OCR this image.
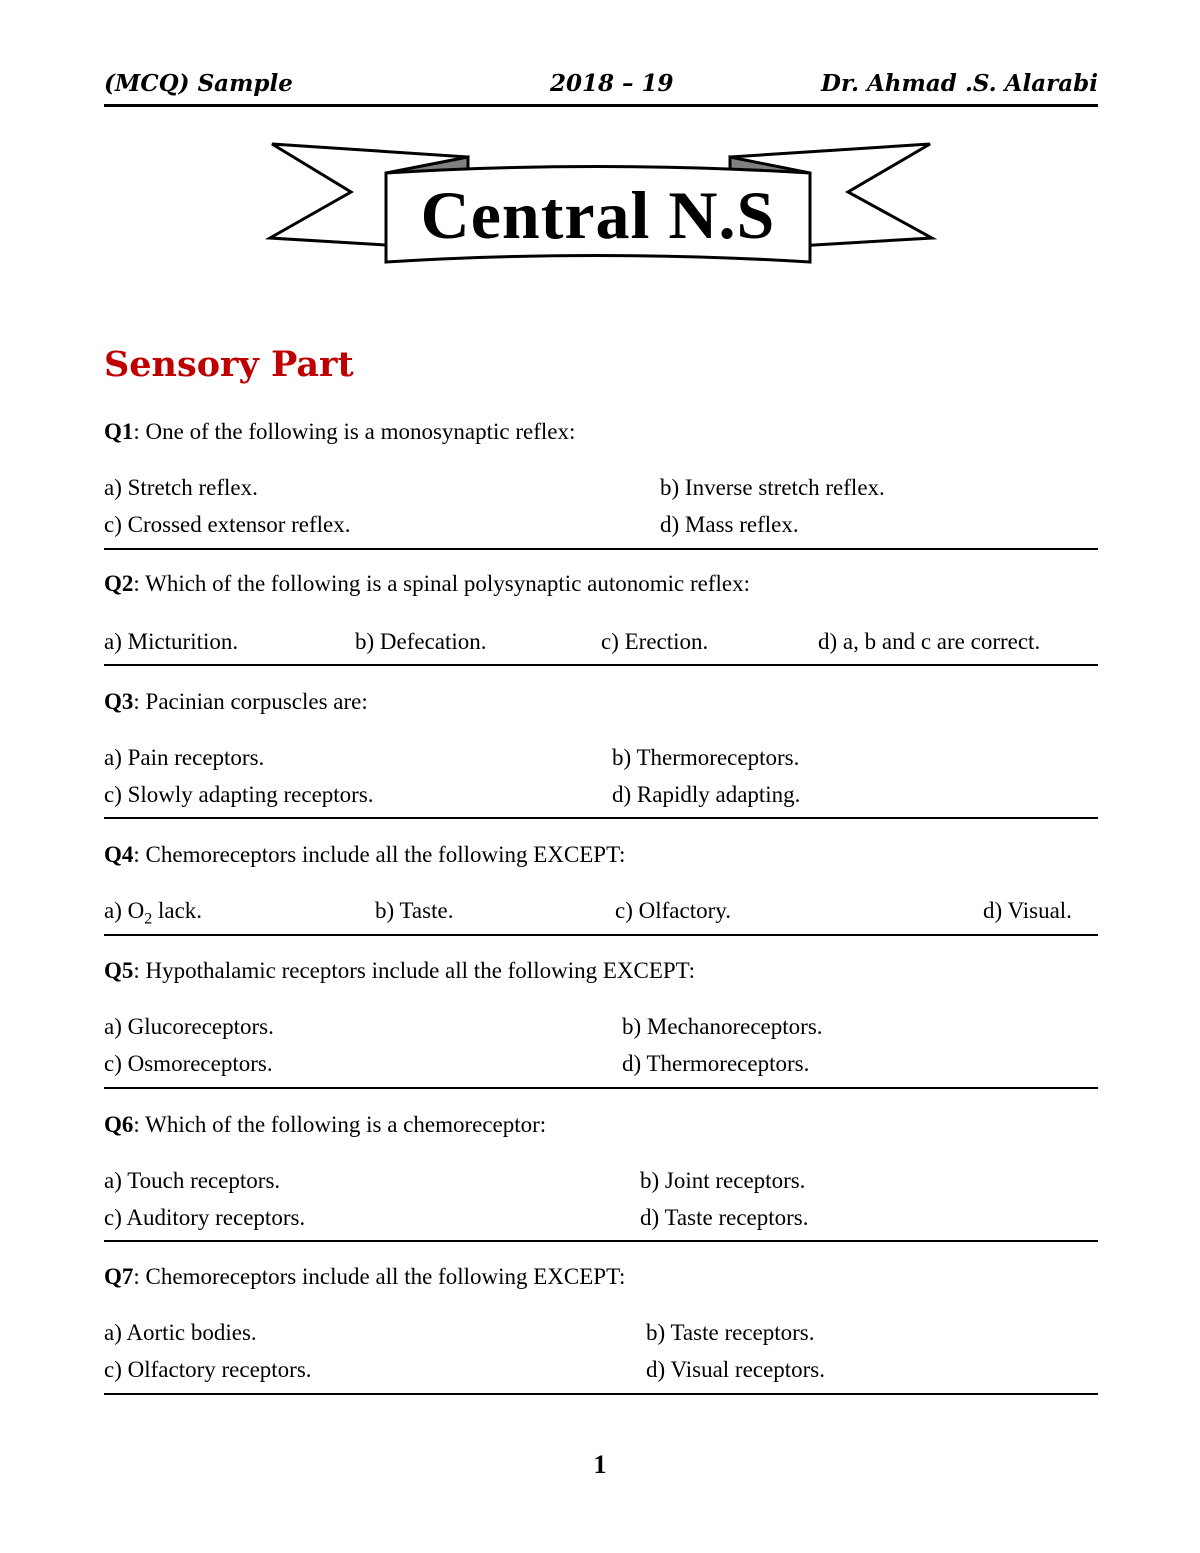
(MCQ) Sample	2018 – 19	Dr. Ahmad .S. Alarabi
Central N.S
Sensory Part
Q1: One of the following is a monosynaptic reflex:
a) Stretch reflex.	b) Inverse stretch reflex.
c) Crossed extensor reflex.	d) Mass reflex.
Q2: Which of the following is a spinal polysynaptic autonomic reflex:
a) Micturition.	b) Defecation.	c) Erection.	d) a, b and c are correct.
Q3: Pacinian corpuscles are:
a) Pain receptors.	b) Thermoreceptors.
c) Slowly adapting receptors.	d) Rapidly adapting.
Q4: Chemoreceptors include all the following EXCEPT:
a) $O_2$ lack.	b) Taste.	c) Olfactory.	d) Visual.
Q5: Hypothalamic receptors include all the following EXCEPT:
a) Glucoreceptors.	b) Mechanoreceptors.
c) Osmoreceptors.	d) Thermoreceptors.
Q6: Which of the following is a chemoreceptor:
a) Touch receptors.	b) Joint receptors.
c) Auditory receptors.	d) Taste receptors.
Q7: Chemoreceptors include all the following EXCEPT:
a) Aortic bodies.	b) Taste receptors.
c) Olfactory receptors.	d) Visual receptors.
1
